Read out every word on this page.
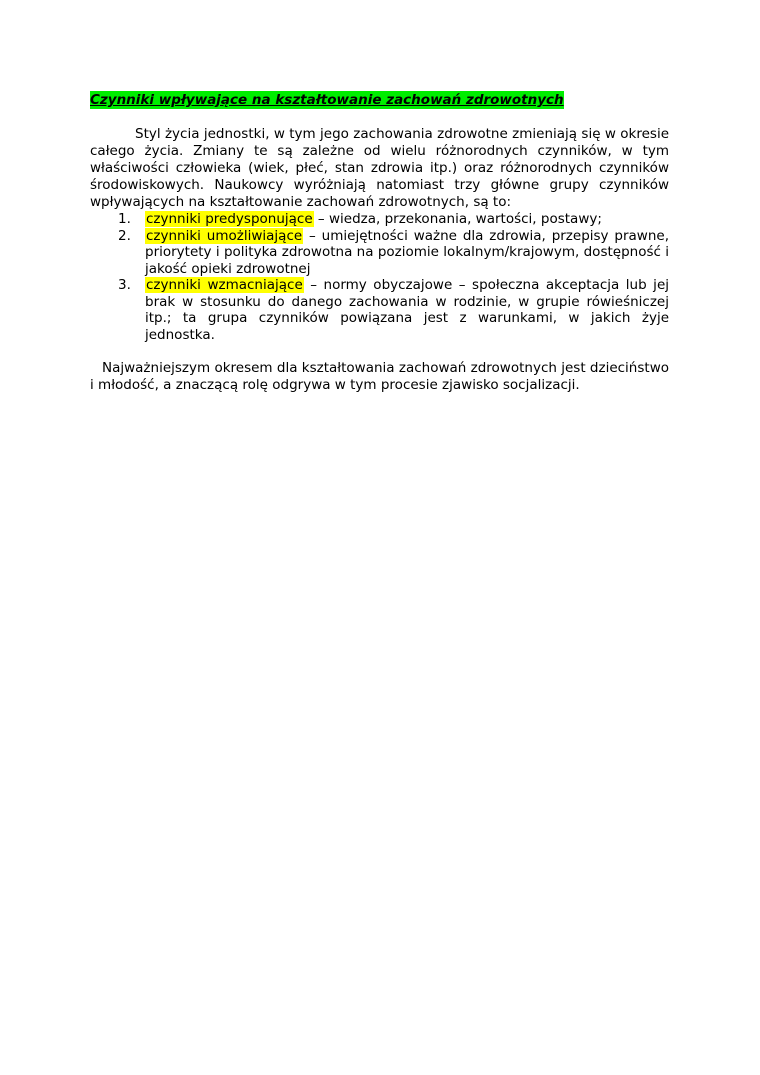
Czynniki wpływające na kształtowanie zachowań zdrowotnych

Styl życia jednostki, w tym jego zachowania zdrowotne zmieniają się w okresie całego życia. Zmiany te są zależne od wielu różnorodnych czynników, w tym właściwości człowieka (wiek, płeć, stan zdrowia itp.) oraz różnorodnych czynników środowiskowych. Naukowcy wyróżniają natomiast trzy główne grupy czynników wpływających na kształtowanie zachowań zdrowotnych, są to:

1. czynniki predysponujące – wiedza, przekonania, wartości, postawy;
2. czynniki umożliwiające – umiejętności ważne dla zdrowia, przepisy prawne, priorytety i polityka zdrowotna na poziomie lokalnym/krajowym, dostępność i jakość opieki zdrowotnej
3. czynniki wzmacniające – normy obyczajowe – społeczna akceptacja lub jej brak w stosunku do danego zachowania w rodzinie, w grupie rówieśniczej itp.; ta grupa czynników powiązana jest z warunkami, w jakich żyje jednostka.

Najważniejszym okresem dla kształtowania zachowań zdrowotnych jest dzieciństwo i młodość, a znaczącą rolę odgrywa w tym procesie zjawisko socjalizacji.
